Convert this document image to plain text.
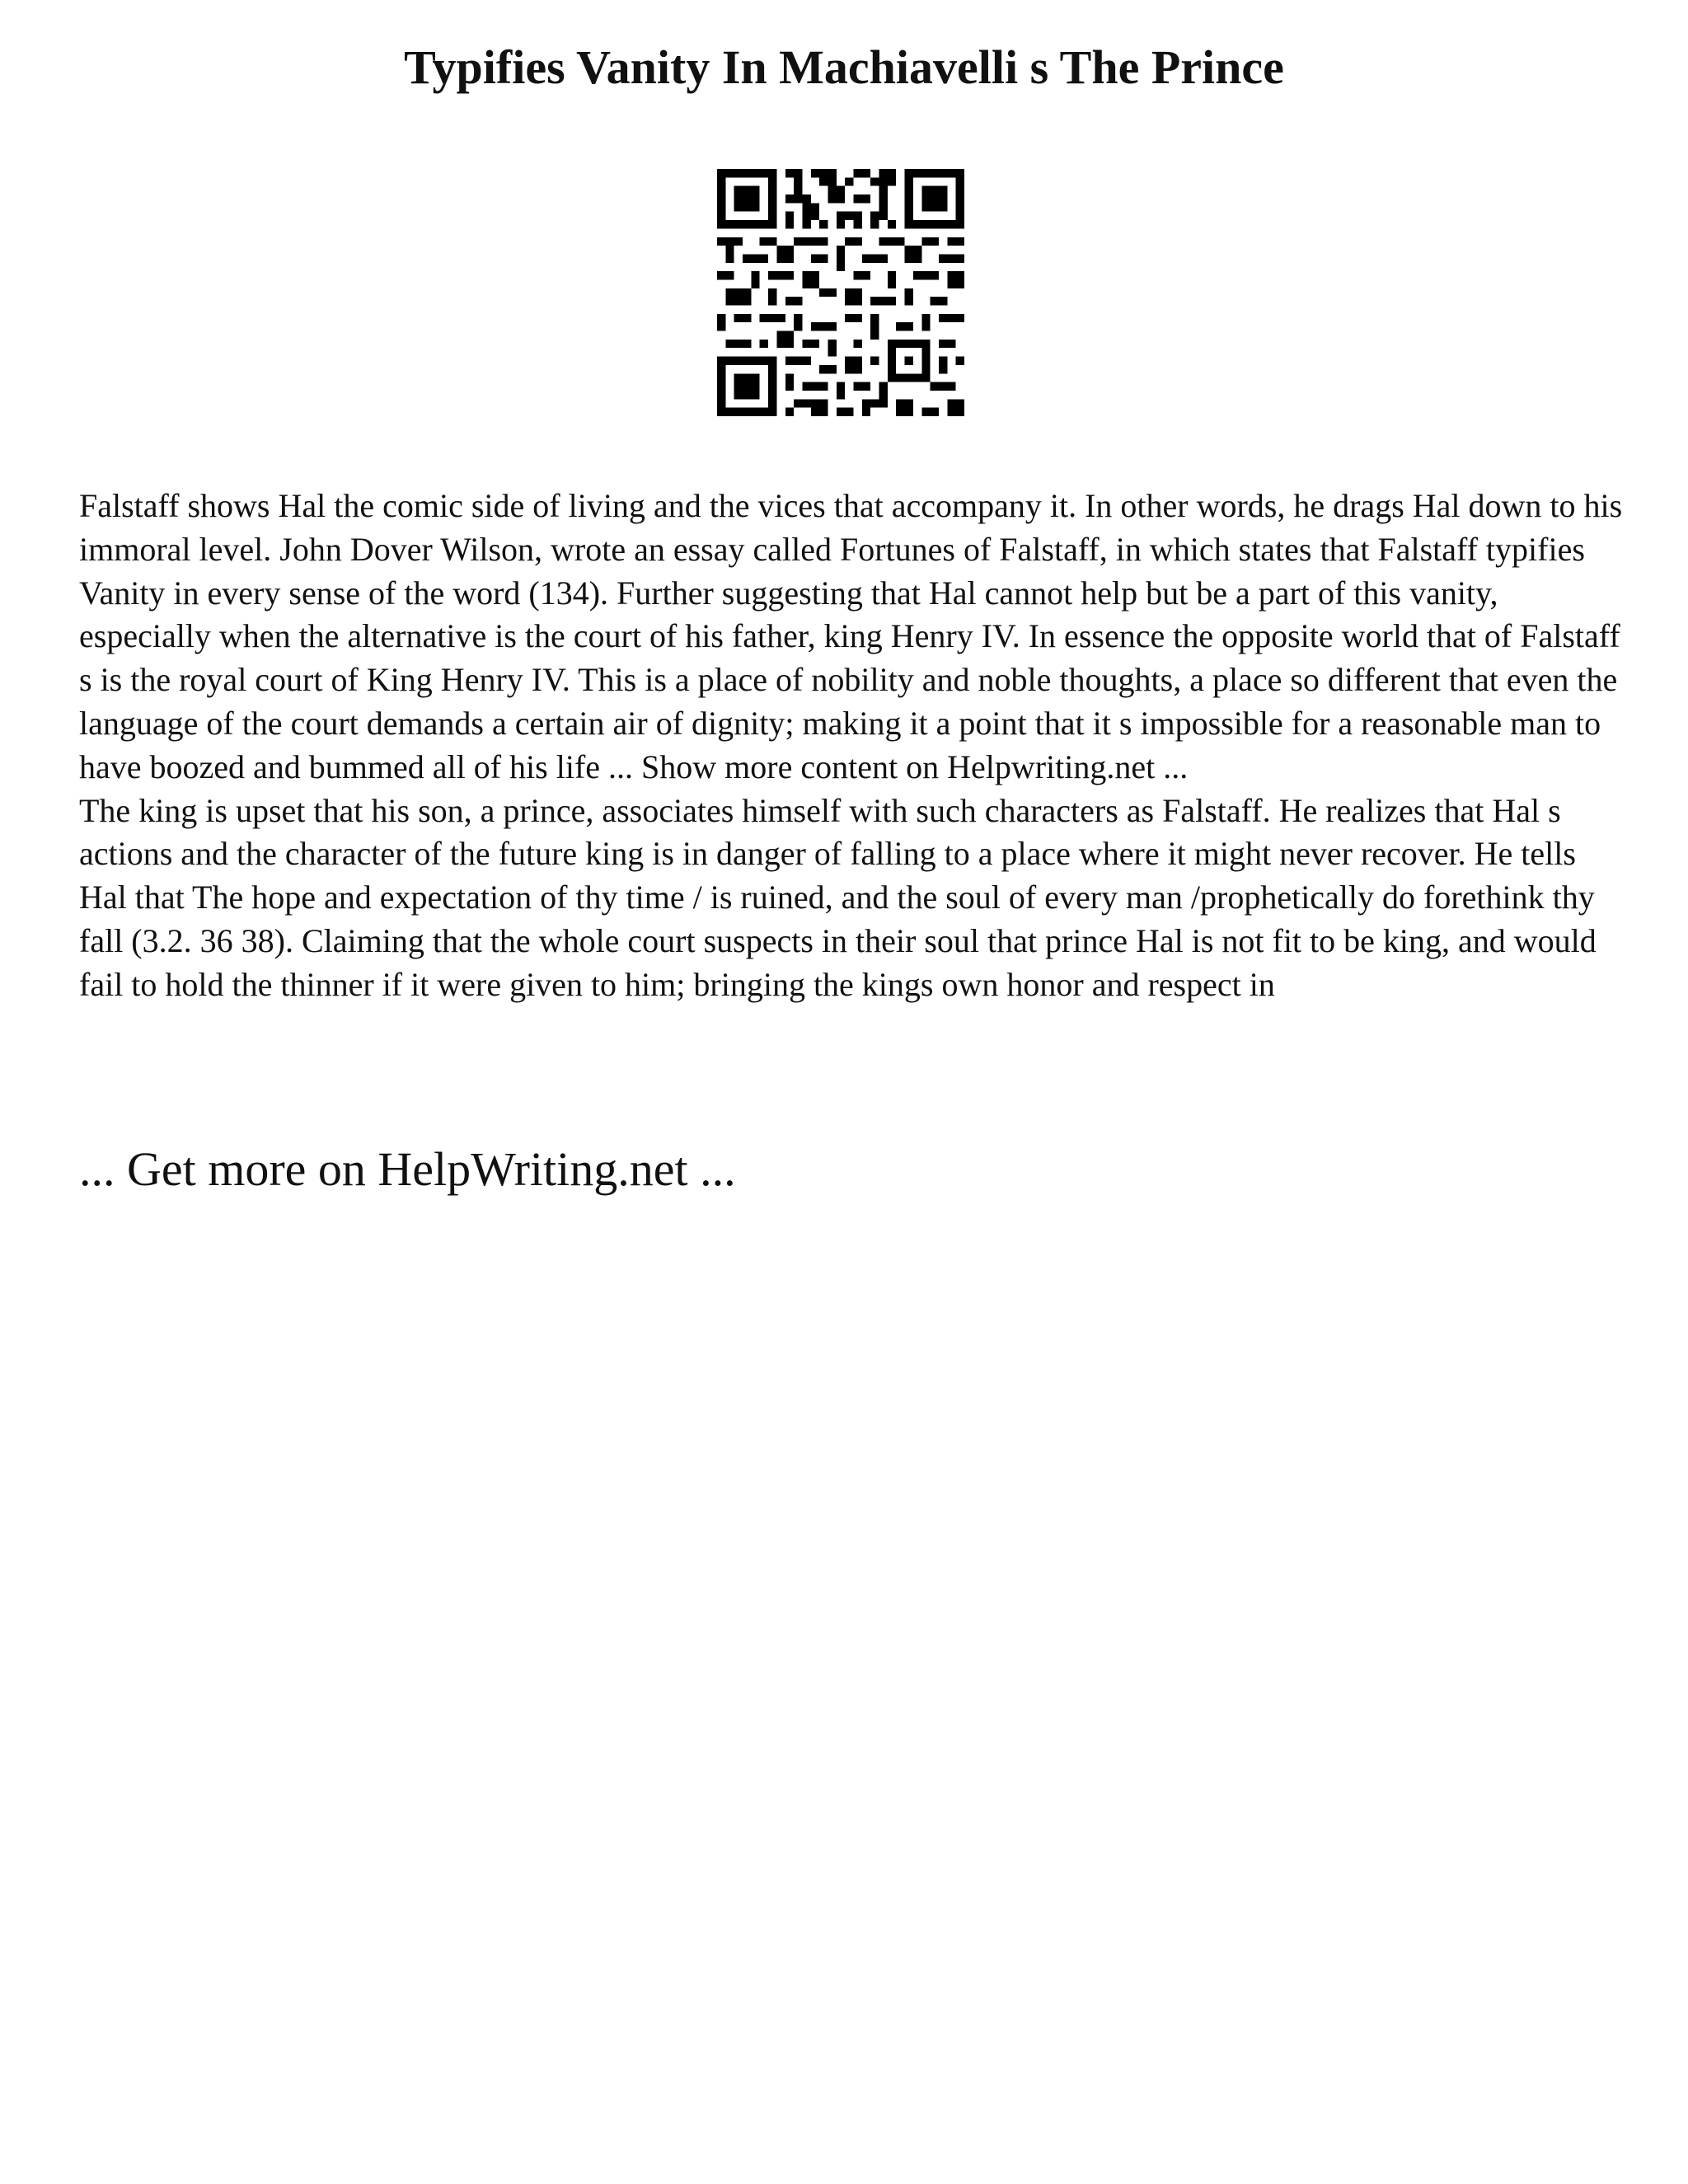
Typifies Vanity In Machiavelli s The Prince

Falstaff shows Hal the comic side of living and the vices that accompany it. In other words, he drags Hal down to his immoral level. John Dover Wilson, wrote an essay called Fortunes of Falstaff, in which states that Falstaff typifies Vanity in every sense of the word (134). Further suggesting that Hal cannot help but be a part of this vanity, especially when the alternative is the court of his father, king Henry IV. In essence the opposite world that of Falstaff s is the royal court of King Henry IV. This is a place of nobility and noble thoughts, a place so different that even the language of the court demands a certain air of dignity; making it a point that it s impossible for a reasonable man to have boozed and bummed all of his life ... Show more content on Helpwriting.net ...

The king is upset that his son, a prince, associates himself with such characters as Falstaff. He realizes that Hal s actions and the character of the future king is in danger of falling to a place where it might never recover. He tells Hal that The hope and expectation of thy time / is ruined, and the soul of every man /prophetically do forethink thy fall (3.2. 36 38). Claiming that the whole court suspects in their soul that prince Hal is not fit to be king, and would fail to hold the thinner if it were given to him; bringing the kings own honor and respect in

... Get more on HelpWriting.net ...
